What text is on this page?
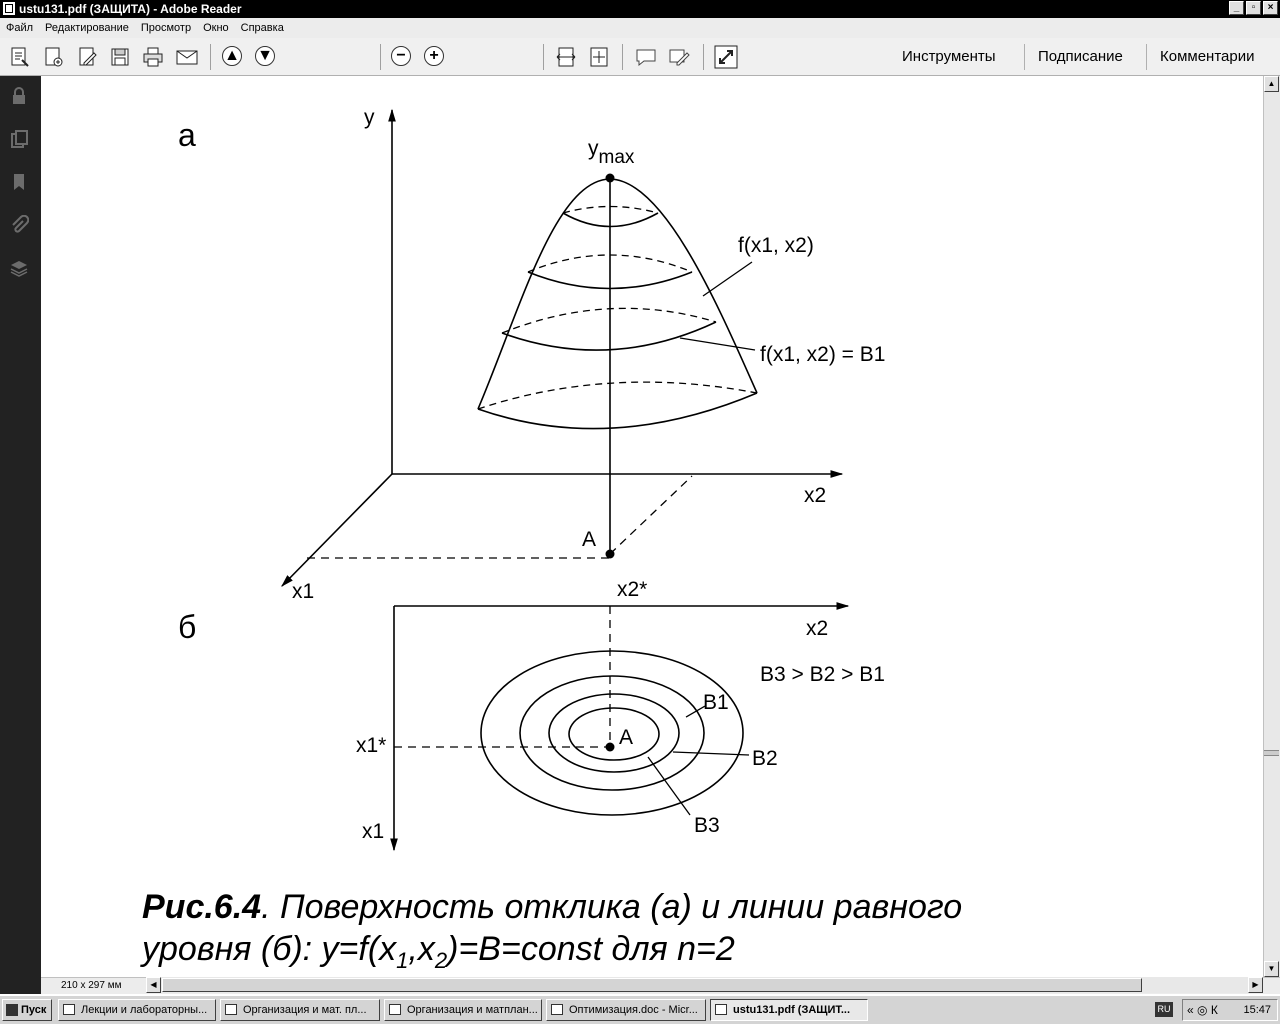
ustu131.pdf (ЗАЩИТА) - Adobe Reader	_	▫	×
Файл	Редактирование	Просмотр	Окно	Справка
▲ ▼	−	+	Инструменты	Подписание	Комментарии
а
б
y
ymax
f(x1, x2)
f(x1, x2) = B1
x2
x1
A
x2*
x2
x1*
x1
B3 > B2 > B1
B1
B2
B3
A
Рис.6.4. Поверхность отклика (а) и линии равного
уровня (б): $y=f(x_1,x_2)=B=const$ для n=2
▲
▼
210 x 297 мм	◀	▶
Пуск	Лекции и лабораторны...	Организация и мат. пл...	Организация и матплан...	Оптимизация.doc - Micr...	ustu131.pdf (ЗАЩИТ...	RU « ◎ К 15:47
